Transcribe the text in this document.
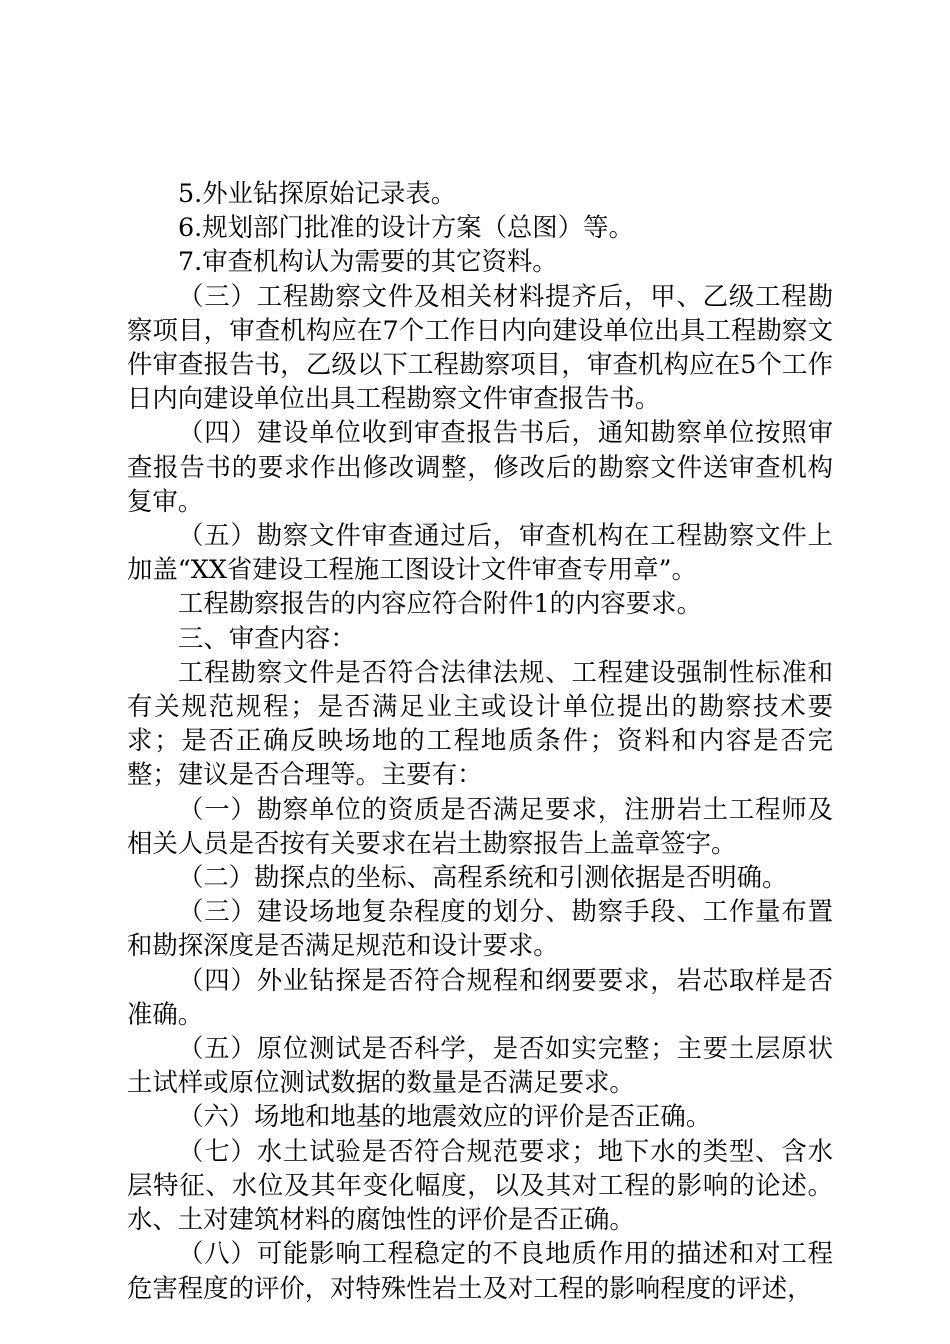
5.外业钻探原始记录表。

6.规划部门批准的设计方案（总图）等。

7.审查机构认为需要的其它资料。

（三）工程勘察文件及相关材料提齐后，甲、乙级工程勘察项目，审查机构应在7个工作日内向建设单位出具工程勘察文件审查报告书，乙级以下工程勘察项目，审查机构应在5个工作日内向建设单位出具工程勘察文件审查报告书。

（四）建设单位收到审查报告书后，通知勘察单位按照审查报告书的要求作出修改调整，修改后的勘察文件送审查机构复审。

（五）勘察文件审查通过后，审查机构在工程勘察文件上加盖“XX省建设工程施工图设计文件审查专用章”。

工程勘察报告的内容应符合附件1的内容要求。

三、审查内容：

工程勘察文件是否符合法律法规、工程建设强制性标准和有关规范规程；是否满足业主或设计单位提出的勘察技术要求；是否正确反映场地的工程地质条件；资料和内容是否完整；建议是否合理等。主要有：

（一）勘察单位的资质是否满足要求，注册岩土工程师及相关人员是否按有关要求在岩土勘察报告上盖章签字。

（二）勘探点的坐标、高程系统和引测依据是否明确。

（三）建设场地复杂程度的划分、勘察手段、工作量布置和勘探深度是否满足规范和设计要求。

（四）外业钻探是否符合规程和纲要要求，岩芯取样是否准确。

（五）原位测试是否科学，是否如实完整；主要土层原状土试样或原位测试数据的数量是否满足要求。

（六）场地和地基的地震效应的评价是否正确。

（七）水土试验是否符合规范要求；地下水的类型、含水层特征、水位及其年变化幅度，以及其对工程的影响的论述。水、土对建筑材料的腐蚀性的评价是否正确。

（八）可能影响工程稳定的不良地质作用的描述和对工程危害程度的评价，对特殊性岩土及对工程的影响程度的评述，
